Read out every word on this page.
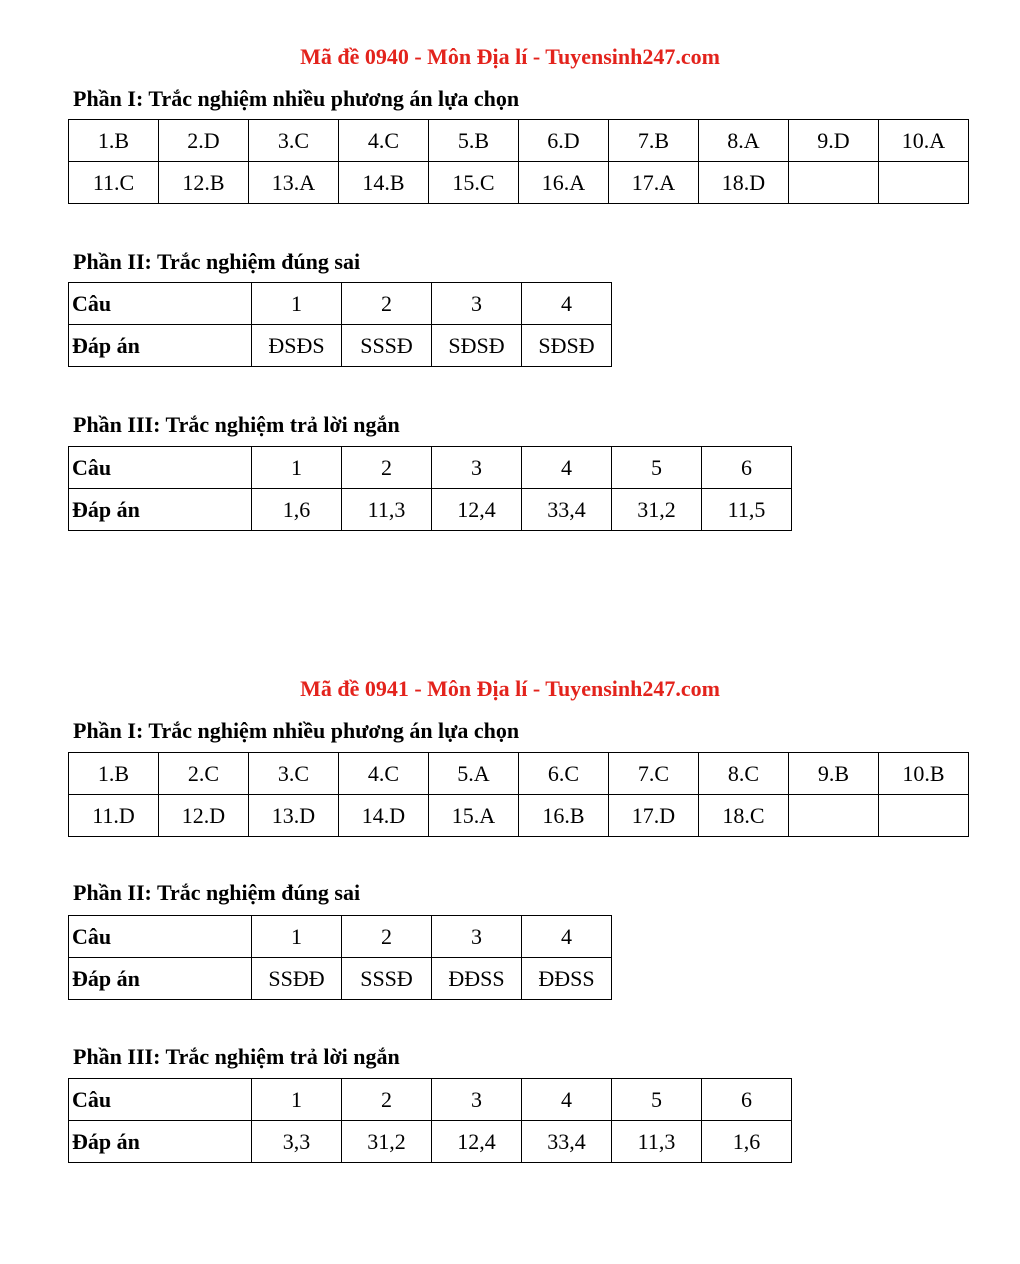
Mã đề 0940 - Môn Địa lí - Tuyensinh247.com
Phần I: Trắc nghiệm nhiều phương án lựa chọn
1.B	2.D	3.C	4.C	5.B	6.D	7.B	8.A	9.D	10.A
11.C	12.B	13.A	14.B	15.C	16.A	17.A	18.D		
Phần II: Trắc nghiệm đúng sai
Câu	1	2	3	4
Đáp án	ĐSĐS	SSSĐ	SĐSĐ	SĐSĐ
Phần III: Trắc nghiệm trả lời ngắn
Câu	1	2	3	4	5	6
Đáp án	1,6	11,3	12,4	33,4	31,2	11,5
Mã đề 0941 - Môn Địa lí - Tuyensinh247.com
Phần I: Trắc nghiệm nhiều phương án lựa chọn
1.B	2.C	3.C	4.C	5.A	6.C	7.C	8.C	9.B	10.B
11.D	12.D	13.D	14.D	15.A	16.B	17.D	18.C		
Phần II: Trắc nghiệm đúng sai
Câu	1	2	3	4
Đáp án	SSĐĐ	SSSĐ	ĐĐSS	ĐĐSS
Phần III: Trắc nghiệm trả lời ngắn
Câu	1	2	3	4	5	6
Đáp án	3,3	31,2	12,4	33,4	11,3	1,6
